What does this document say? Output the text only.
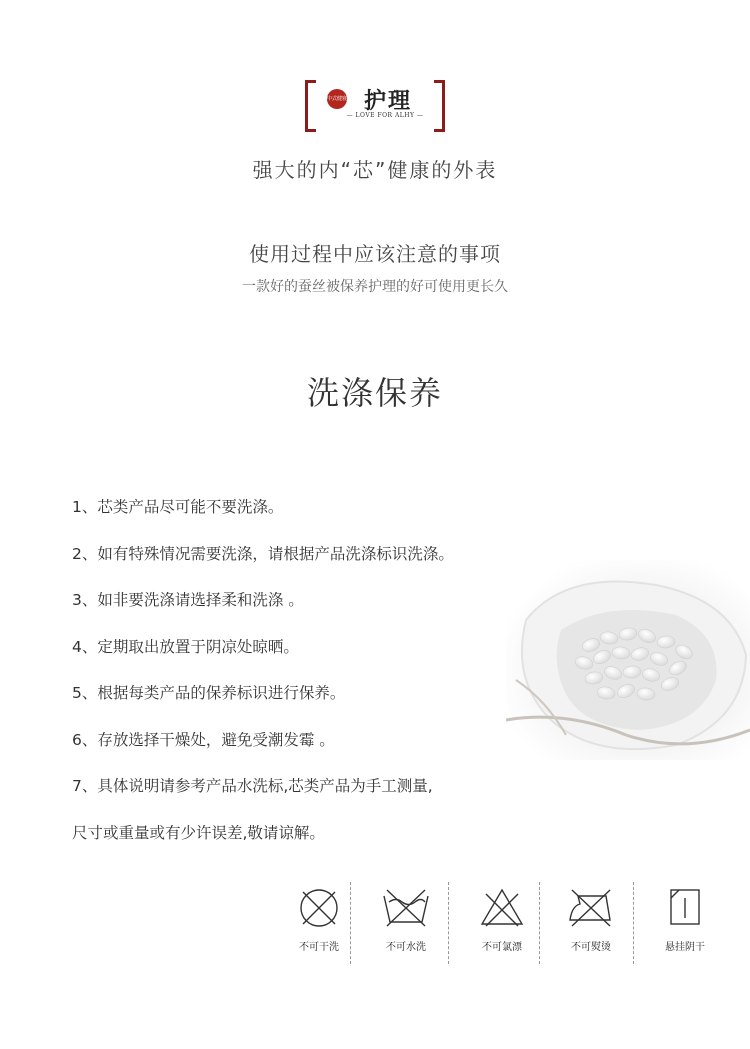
中式健寝 护理
— LOVE FOR ALHY —
强大的内“芯”健康的外表
使用过程中应该注意的事项
一款好的蚕丝被保养护理的好可使用更长久
洗涤保养
1、芯类产品尽可能不要洗涤。
2、如有特殊情况需要洗涤，请根据产品洗涤标识洗涤。
3、如非要洗涤请选择柔和洗涤 。
4、定期取出放置于阴凉处晾晒。
5、根据每类产品的保养标识进行保养。
6、存放选择干燥处，避免受潮发霉 。
7、具体说明请参考产品水洗标,芯类产品为手工测量,
尺寸或重量或有少许误差,敬请谅解。
不可干洗	不可水洗	不可氯漂	不可熨烫	悬挂阴干
